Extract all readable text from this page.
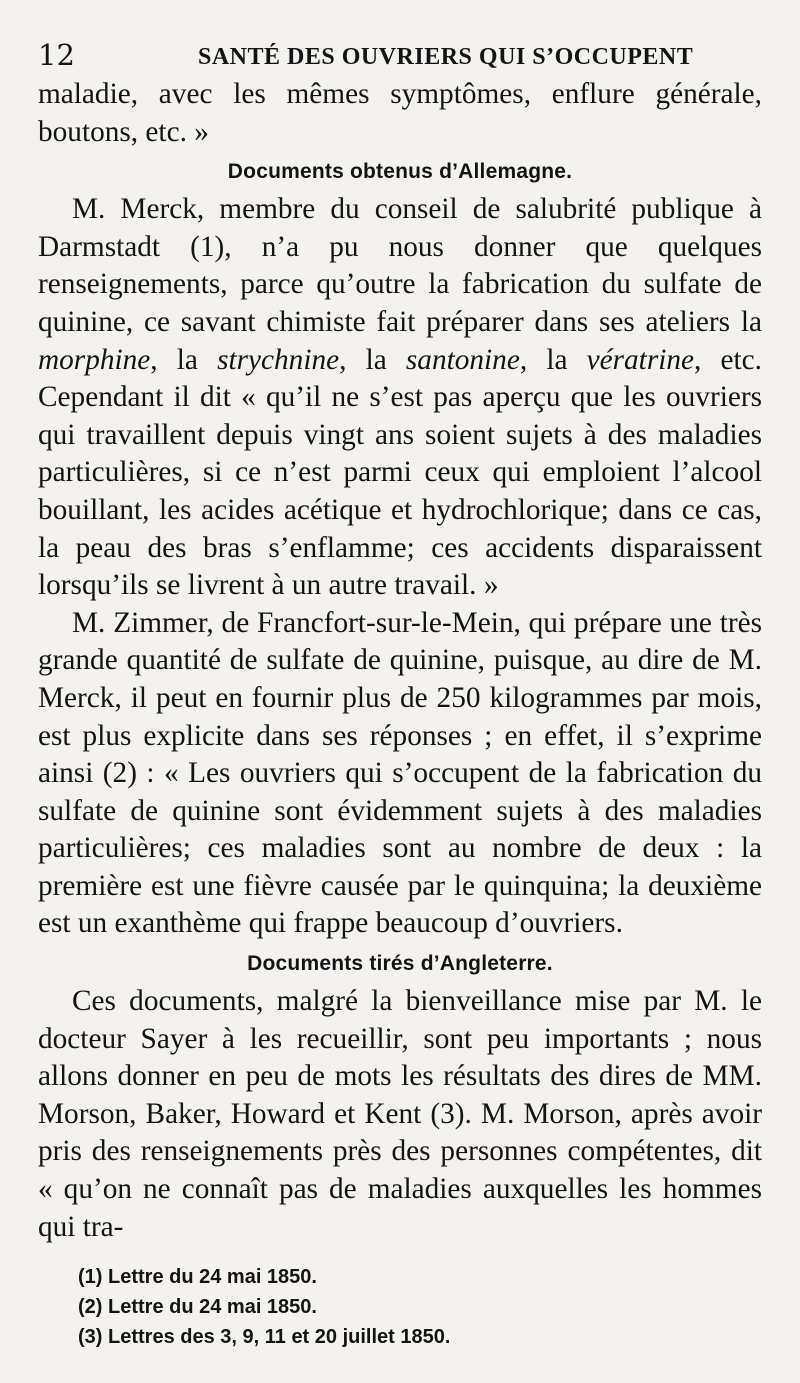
12	SANTÉ DES OUVRIERS QUI S’OCCUPENT

maladie, avec les mêmes symptômes, enflure générale, boutons, etc. »

Documents obtenus d’Allemagne.

M. Merck, membre du conseil de salubrité publique à Darmstadt (1), n’a pu nous donner que quelques renseignements, parce qu’outre la fabrication du sulfate de quinine, ce savant chimiste fait préparer dans ses ateliers la morphine, la strychnine, la santonine, la vératrine, etc. Cependant il dit « qu’il ne s’est pas aperçu que les ouvriers qui travaillent depuis vingt ans soient sujets à des maladies particulières, si ce n’est parmi ceux qui emploient l’alcool bouillant, les acides acétique et hydrochlorique; dans ce cas, la peau des bras s’enflamme; ces accidents disparaissent lorsqu’ils se livrent à un autre travail. »

M. Zimmer, de Francfort-sur-le-Mein, qui prépare une très grande quantité de sulfate de quinine, puisque, au dire de M. Merck, il peut en fournir plus de 250 kilogrammes par mois, est plus explicite dans ses réponses ; en effet, il s’exprime ainsi (2) : « Les ouvriers qui s’occupent de la fabrication du sulfate de quinine sont évidemment sujets à des maladies particulières; ces maladies sont au nombre de deux : la première est une fièvre causée par le quinquina; la deuxième est un exanthème qui frappe beaucoup d’ouvriers.

Documents tirés d’Angleterre.

Ces documents, malgré la bienveillance mise par M. le docteur Sayer à les recueillir, sont peu importants ; nous allons donner en peu de mots les résultats des dires de MM. Morson, Baker, Howard et Kent (3). M. Morson, après avoir pris des renseignements près des personnes compétentes, dit « qu’on ne connaît pas de maladies auxquelles les hommes qui tra-

(1) Lettre du 24 mai 1850.
(2) Lettre du 24 mai 1850.
(3) Lettres des 3, 9, 11 et 20 juillet 1850.
